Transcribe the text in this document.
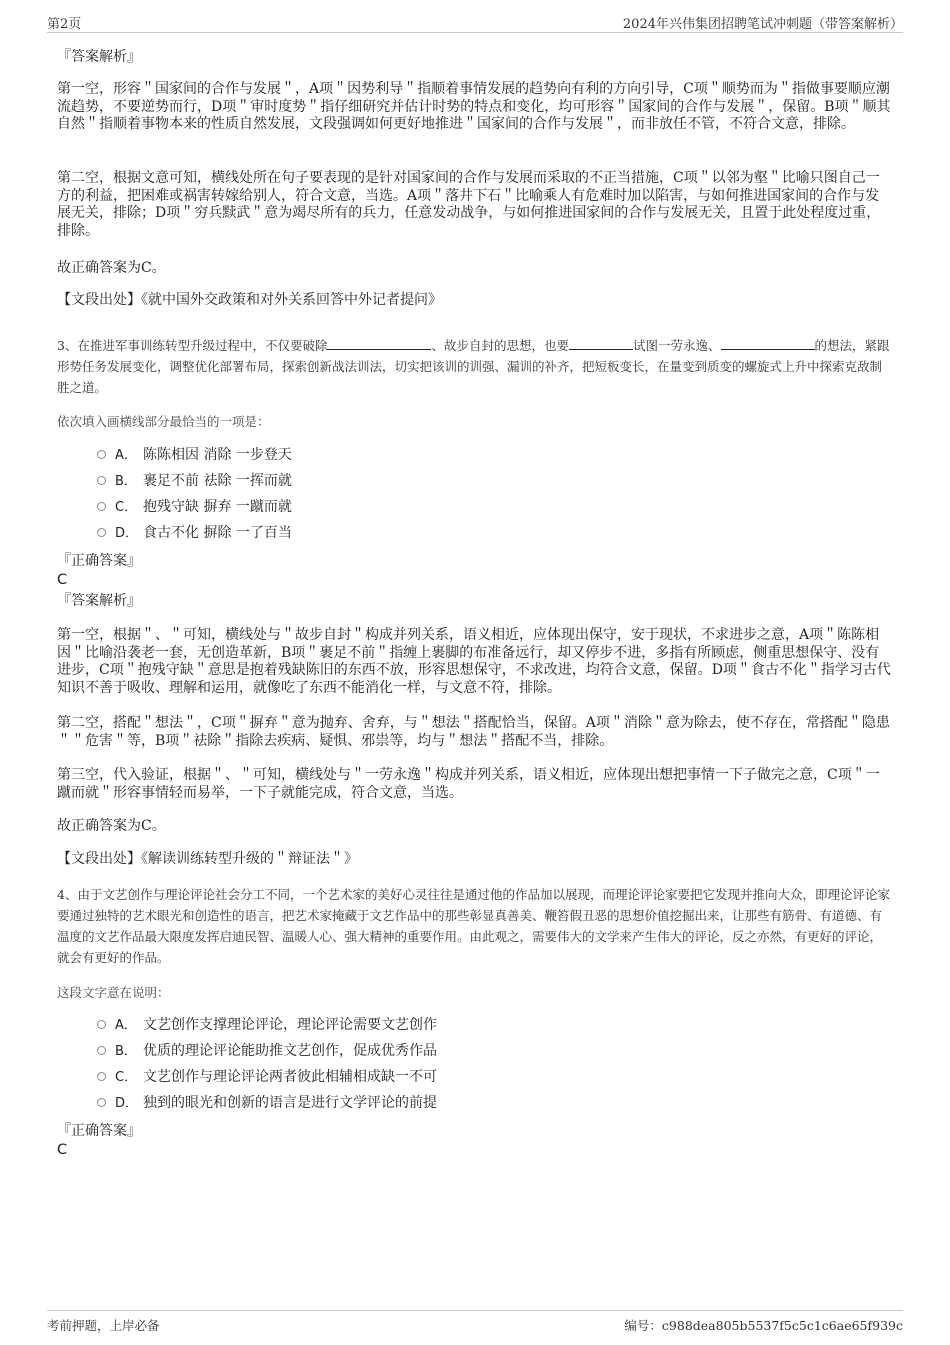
第2页	2024年兴伟集团招聘笔试冲刺题（带答案解析）
『答案解析』

第一空，形容＂国家间的合作与发展＂，A项＂因势利导＂指顺着事情发展的趋势向有利的方向引导，C项＂顺势而为＂指做事要顺应潮流趋势，不要逆势而行，D项＂审时度势＂指仔细研究并估计时势的特点和变化，均可形容＂国家间的合作与发展＂，保留。B项＂顺其自然＂指顺着事物本来的性质自然发展，文段强调如何更好地推进＂国家间的合作与发展＂，而非放任不管，不符合文意，排除。

第二空，根据文意可知，横线处所在句子要表现的是针对国家间的合作与发展而采取的不正当措施，C项＂以邻为壑＂比喻只图自己一方的利益，把困难或祸害转嫁给别人，符合文意，当选。A项＂落井下石＂比喻乘人有危难时加以陷害，与如何推进国家间的合作与发展无关，排除；D项＂穷兵黩武＂意为竭尽所有的兵力，任意发动战争，与如何推进国家间的合作与发展无关，且置于此处程度过重，排除。

故正确答案为C。
【文段出处】《就中国外交政策和对外关系回答中外记者提问》

3、在推进军事训练转型升级过程中，不仅要破除	、故步自封的思想，也要	试图一劳永逸、	的想法，紧跟形势任务发展变化，调整优化部署布局，探索创新战法训法，切实把该训的训强、漏训的补齐，把短板变长，在量变到质变的螺旋式上升中探索克敌制胜之道。

依次填入画横线部分最恰当的一项是：
A． 陈陈相因 消除 一步登天
B． 裹足不前 祛除 一挥而就
C． 抱残守缺 摒弃 一蹴而就
D． 食古不化 摒除 一了百当
『正确答案』
C
『答案解析』

第一空，根据＂、＂可知，横线处与＂故步自封＂构成并列关系，语义相近，应体现出保守，安于现状，不求进步之意，A项＂陈陈相因＂比喻沿袭老一套，无创造革新，B项＂裹足不前＂指缠上裹脚的布准备远行，却又停步不进，多指有所顾虑，侧重思想保守、没有进步，C项＂抱残守缺＂意思是抱着残缺陈旧的东西不放，形容思想保守，不求改进，均符合文意，保留。D项＂食古不化＂指学习古代知识不善于吸收、理解和运用，就像吃了东西不能消化一样，与文意不符，排除。

第二空，搭配＂想法＂，C项＂摒弃＂意为抛弃、舍弃，与＂想法＂搭配恰当，保留。A项＂消除＂意为除去，使不存在，常搭配＂隐患＂＂危害＂等，B项＂祛除＂指除去疾病、疑惧、邪祟等，均与＂想法＂搭配不当，排除。

第三空，代入验证，根据＂、＂可知，横线处与＂一劳永逸＂构成并列关系，语义相近，应体现出想把事情一下子做完之意，C项＂一蹴而就＂形容事情轻而易举，一下子就能完成，符合文意，当选。

故正确答案为C。
【文段出处】《解读训练转型升级的＂辩证法＂》

4、由于文艺创作与理论评论社会分工不同，一个艺术家的美好心灵往往是通过他的作品加以展现，而理论评论家要把它发现并推向大众，即理论评论家要通过独特的艺术眼光和创造性的语言，把艺术家掩藏于文艺作品中的那些彰显真善美、鞭笞假丑恶的思想价值挖掘出来，让那些有筋骨、有道德、有温度的文艺作品最大限度发挥启迪民智、温暖人心、强大精神的重要作用。由此观之，需要伟大的文学来产生伟大的评论，反之亦然，有更好的评论，就会有更好的作品。

这段文字意在说明：
A． 文艺创作支撑理论评论，理论评论需要文艺创作
B． 优质的理论评论能助推文艺创作，促成优秀作品
C． 文艺创作与理论评论两者彼此相辅相成缺一不可
D． 独到的眼光和创新的语言是进行文学评论的前提
『正确答案』
C
考前押题，上岸必备	编号：c988dea805b5537f5c5c1c6ae65f939c
